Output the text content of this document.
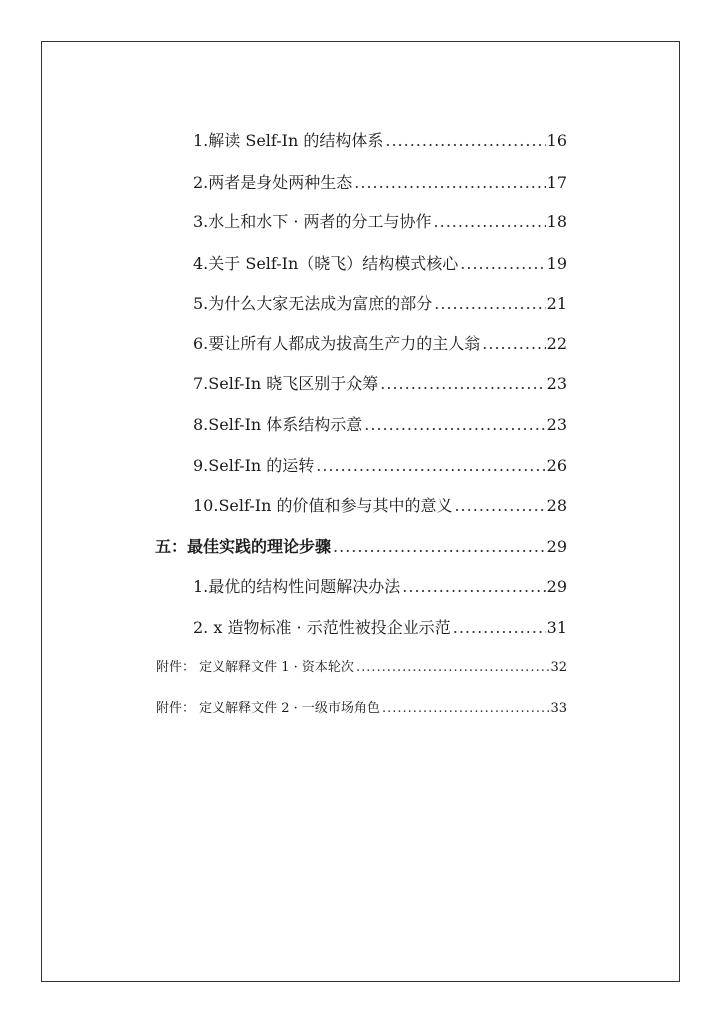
1.解读 Self-In 的结构体系 .....	16
2.两者是身处两种生态 .....	17
3.水上和水下 · 两者的分工与协作 .....	18
4.关于 Self-In（晓飞）结构模式核心 .....	19
5.为什么大家无法成为富庶的部分 .....	21
6.要让所有人都成为拔高生产力的主人翁 .....	22
7.Self-In 晓飞区别于众筹 .....	23
8.Self-In 体系结构示意 .....	23
9.Self-In 的运转 .....	26
10.Self-In 的价值和参与其中的意义 .....	28
五：最佳实践的理论步骤 .....	29
1.最优的结构性问题解决办法 .....	29
2. x 造物标准 · 示范性被投企业示范 .....	31
附件： 定义解释文件 1 · 资本轮次 .....	32
附件： 定义解释文件 2 · 一级市场角色 .....	33
